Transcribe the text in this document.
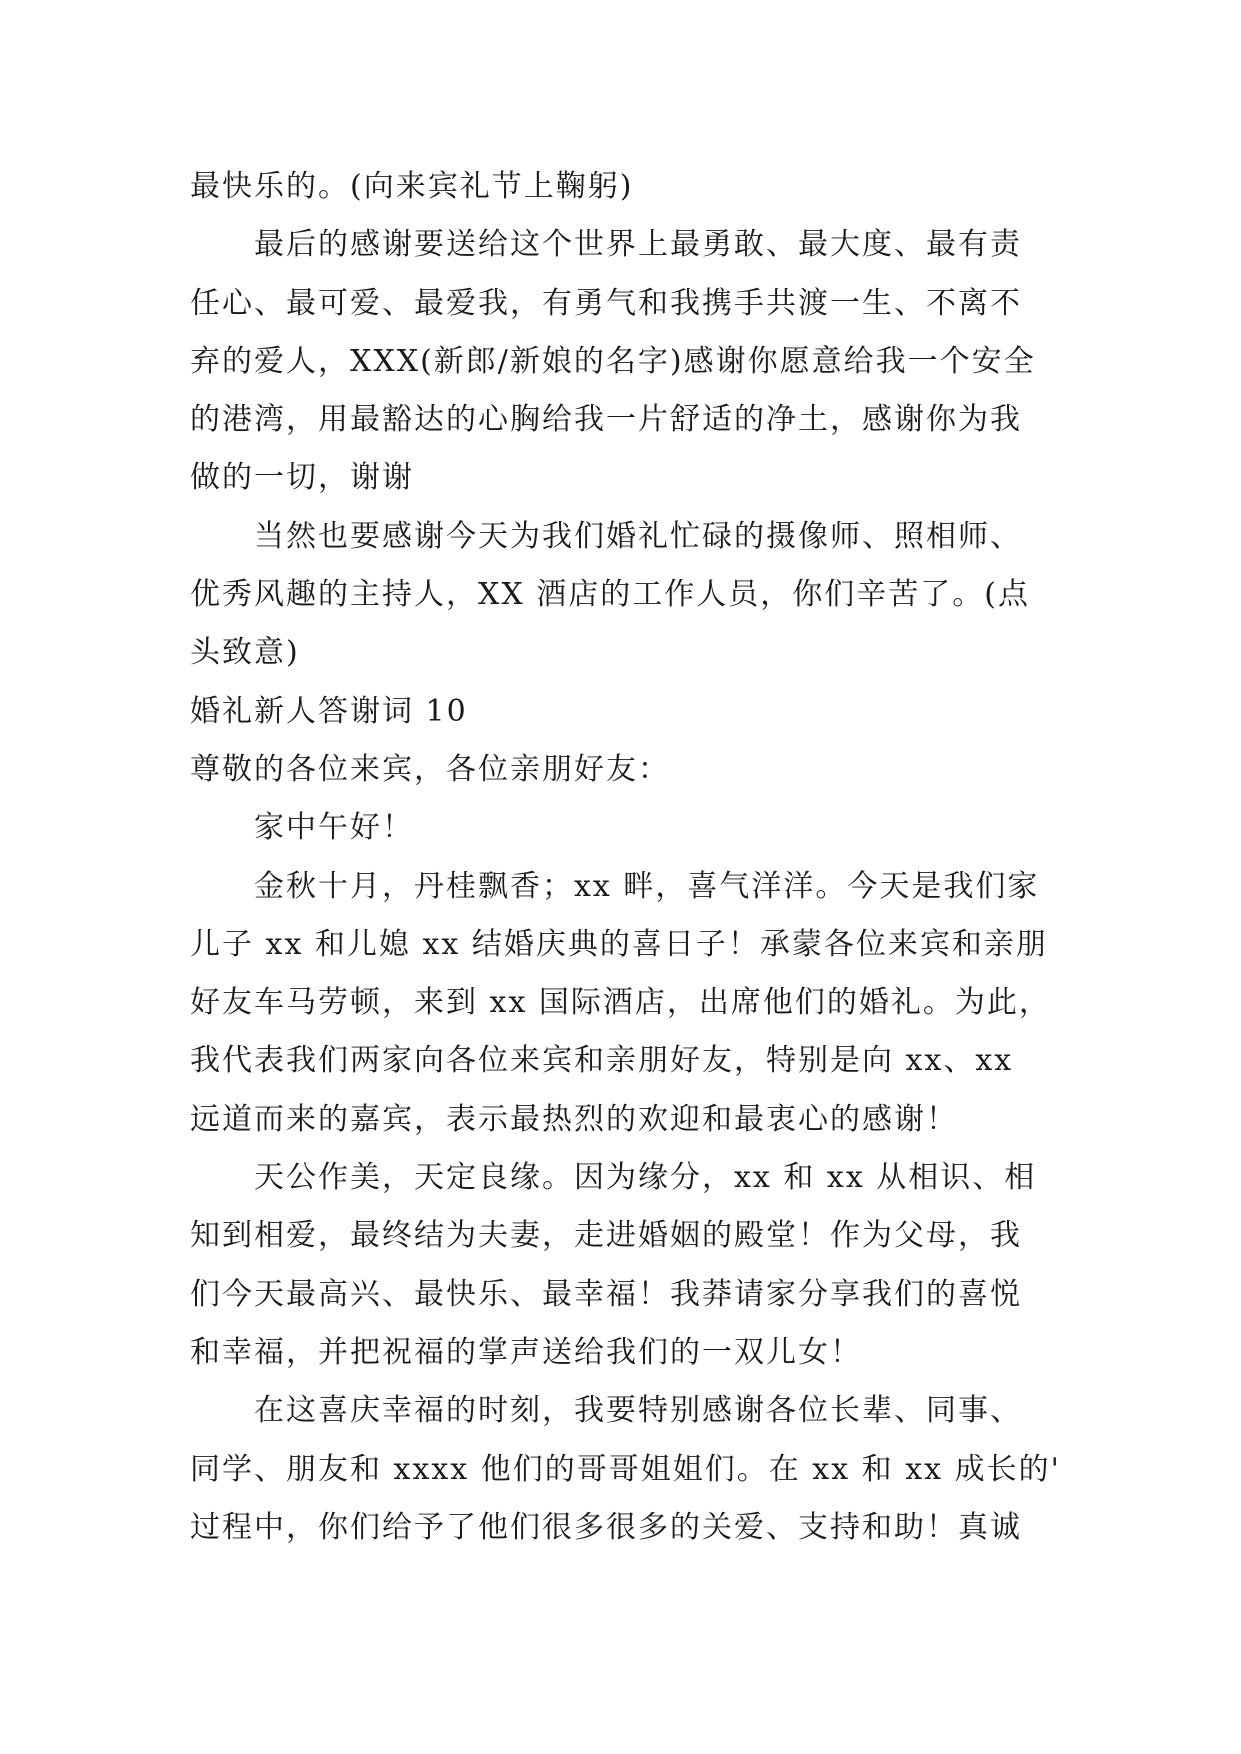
最快乐的。(向来宾礼节上鞠躬)

最后的感谢要送给这个世界上最勇敢、最大度、最有责

任心、最可爱、最爱我，有勇气和我携手共渡一生、不离不

弃的爱人，XXX(新郎/新娘的名字)感谢你愿意给我一个安全

的港湾，用最豁达的心胸给我一片舒适的净土，感谢你为我

做的一切，谢谢

当然也要感谢今天为我们婚礼忙碌的摄像师、照相师、

优秀风趣的主持人，XX 酒店的工作人员，你们辛苦了。(点

头致意)

婚礼新人答谢词 10

尊敬的各位来宾，各位亲朋好友：

家中午好！

金秋十月，丹桂飘香；xx 畔，喜气洋洋。今天是我们家

儿子 xx 和儿媳 xx 结婚庆典的喜日子！承蒙各位来宾和亲朋

好友车马劳顿，来到 xx 国际酒店，出席他们的婚礼。为此，

我代表我们两家向各位来宾和亲朋好友，特别是向 xx、xx

远道而来的嘉宾，表示最热烈的欢迎和最衷心的感谢！

天公作美，天定良缘。因为缘分，xx 和 xx 从相识、相

知到相爱，最终结为夫妻，走进婚姻的殿堂！作为父母，我

们今天最高兴、最快乐、最幸福！我莽请家分享我们的喜悦

和幸福，并把祝福的掌声送给我们的一双儿女！

在这喜庆幸福的时刻，我要特别感谢各位长辈、同事、

同学、朋友和 xxxx 他们的哥哥姐姐们。在 xx 和 xx 成长的'

过程中，你们给予了他们很多很多的关爱、支持和助！真诚
